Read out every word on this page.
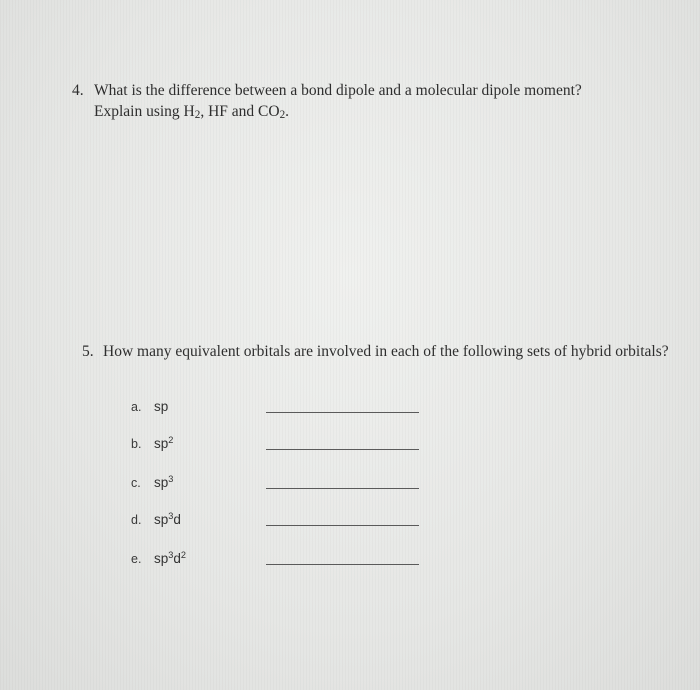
4. What is the difference between a bond dipole and a molecular dipole moment?
Explain using H2, HF and CO2.
5. How many equivalent orbitals are involved in each of the following sets of hybrid orbitals?
a. sp
b. $sp^2$
c. $sp^3$
d. $sp^3d$
e. $sp^3d^2$
